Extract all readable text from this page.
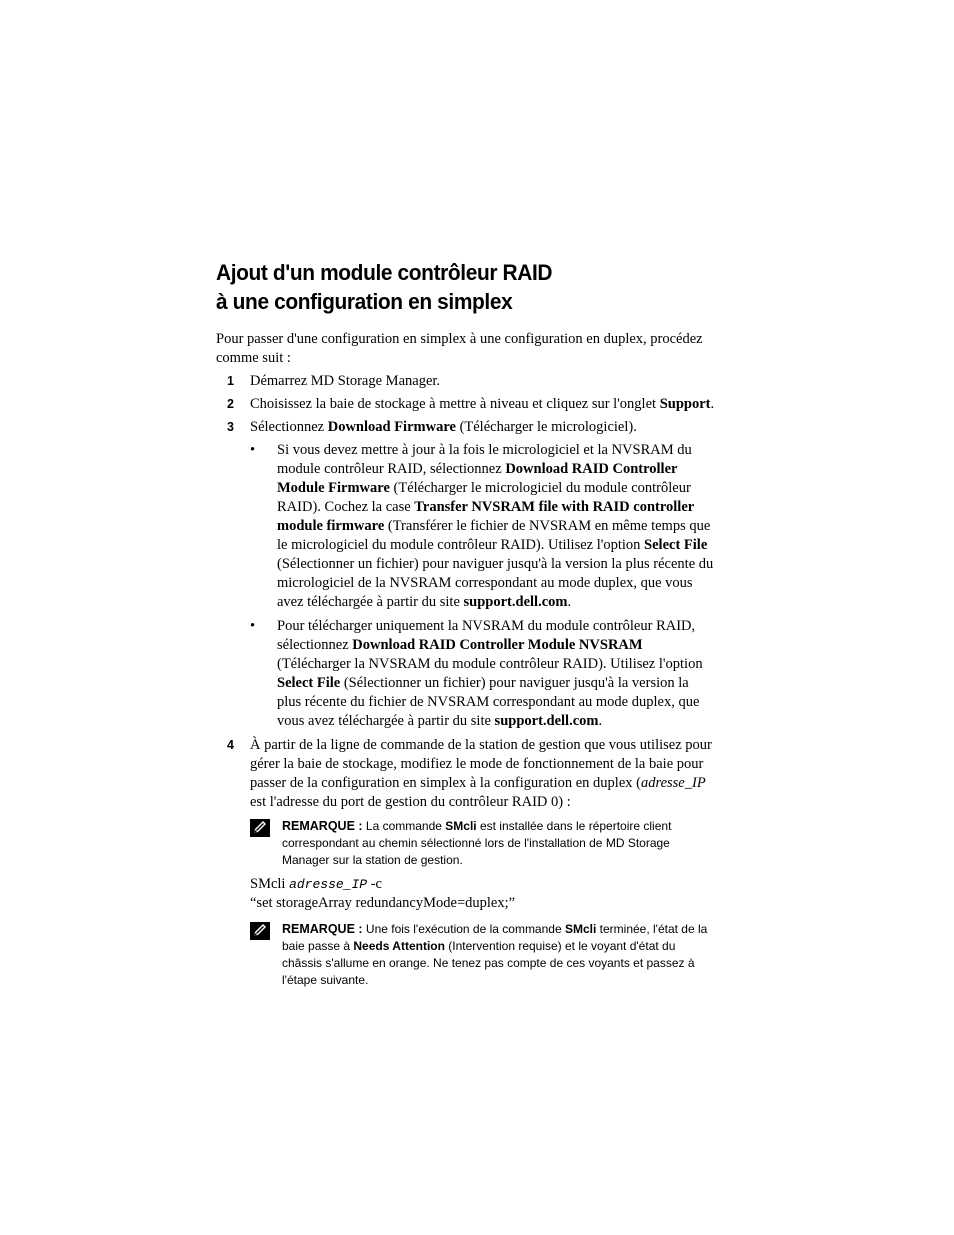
Ajout d'un module contrôleur RAID
à une configuration en simplex

Pour passer d'une configuration en simplex à une configuration en duplex, procédez comme suit :

1 Démarrez MD Storage Manager.
2 Choisissez la baie de stockage à mettre à niveau et cliquez sur l'onglet Support.
3 Sélectionnez Download Firmware (Télécharger le micrologiciel).
• Si vous devez mettre à jour à la fois le micrologiciel et la NVSRAM du module contrôleur RAID, sélectionnez Download RAID Controller Module Firmware (Télécharger le micrologiciel du module contrôleur RAID). Cochez la case Transfer NVSRAM file with RAID controller module firmware (Transférer le fichier de NVSRAM en même temps que le micrologiciel du module contrôleur RAID). Utilisez l'option Select File (Sélectionner un fichier) pour naviguer jusqu'à la version la plus récente du micrologiciel de la NVSRAM correspondant au mode duplex, que vous avez téléchargée à partir du site support.dell.com.
• Pour télécharger uniquement la NVSRAM du module contrôleur RAID, sélectionnez Download RAID Controller Module NVSRAM (Télécharger la NVSRAM du module contrôleur RAID). Utilisez l'option Select File (Sélectionner un fichier) pour naviguer jusqu'à la version la plus récente du fichier de NVSRAM correspondant au mode duplex, que vous avez téléchargée à partir du site support.dell.com.
4 À partir de la ligne de commande de la station de gestion que vous utilisez pour gérer la baie de stockage, modifiez le mode de fonctionnement de la baie pour passer de la configuration en simplex à la configuration en duplex (adresse_IP est l'adresse du port de gestion du contrôleur RAID 0) :
REMARQUE : La commande SMcli est installée dans le répertoire client correspondant au chemin sélectionné lors de l'installation de MD Storage Manager sur la station de gestion.
SMcli adresse_IP -c
“set storageArray redundancyMode=duplex;”
REMARQUE : Une fois l'exécution de la commande SMcli terminée, l'état de la baie passe à Needs Attention (Intervention requise) et le voyant d'état du châssis s'allume en orange. Ne tenez pas compte de ces voyants et passez à l'étape suivante.
